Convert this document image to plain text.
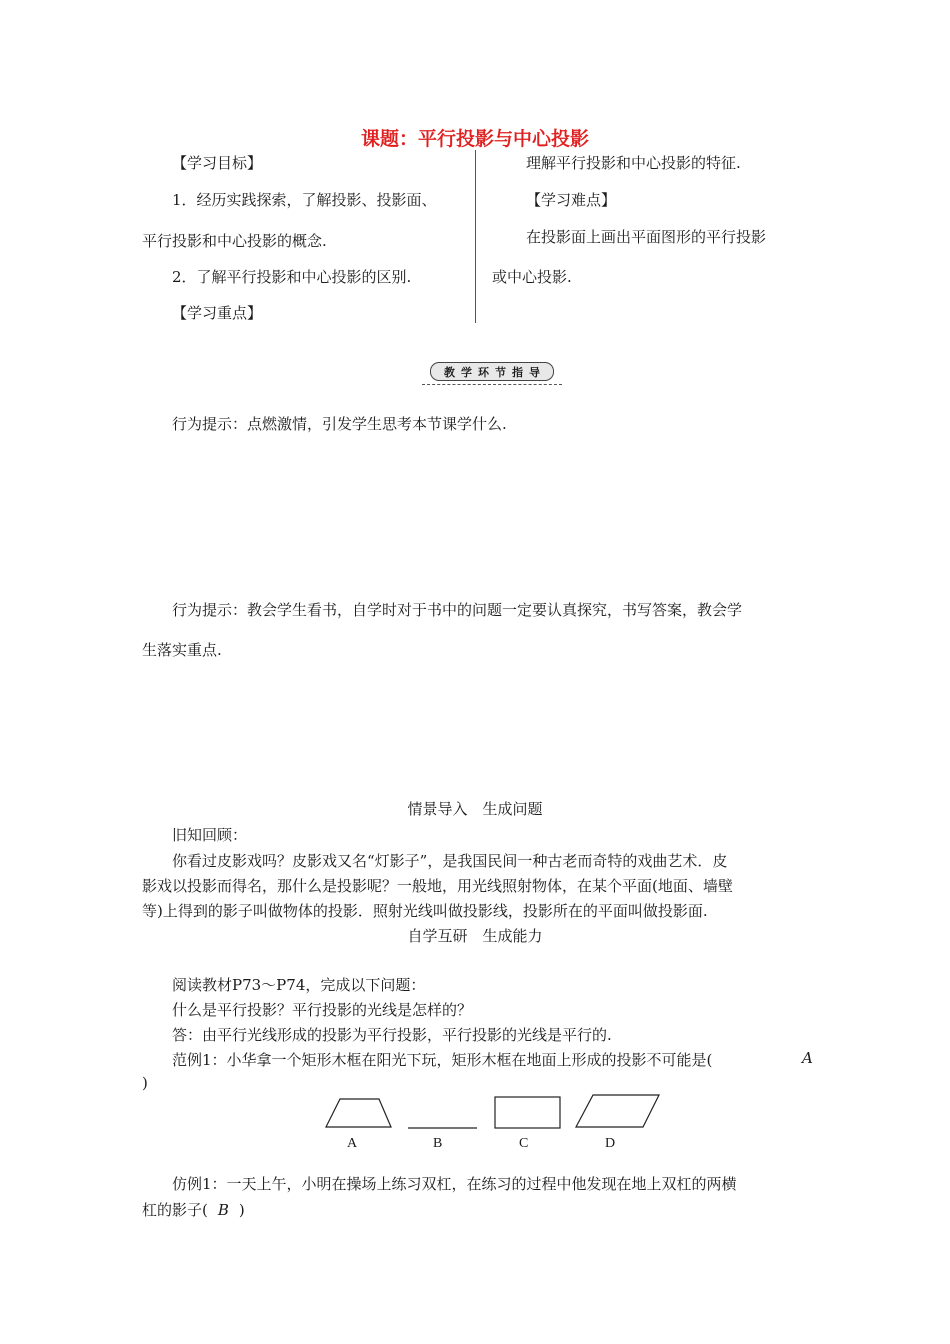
课题：平行投影与中心投影
【学习目标】
1．经历实践探索，了解投影、投影面、
平行投影和中心投影的概念.
2．了解平行投影和中心投影的区别.
【学习重点】
理解平行投影和中心投影的特征.
【学习难点】
在投影面上画出平面图形的平行投影
或中心投影.
教学环节指导
行为提示：点燃激情，引发学生思考本节课学什么.
行为提示：教会学生看书，自学时对于书中的问题一定要认真探究，书写答案，教会学
生落实重点.
情景导入　生成问题
旧知回顾：
你看过皮影戏吗？皮影戏又名“灯影子”，是我国民间一种古老而奇特的戏曲艺术．皮
影戏以投影而得名，那什么是投影呢？一般地，用光线照射物体，在某个平面(地面、墙壁
等)上得到的影子叫做物体的投影．照射光线叫做投影线，投影所在的平面叫做投影面.
自学互研　生成能力
阅读教材P73～P74，完成以下问题：
什么是平行投影？平行投影的光线是怎样的？
答：由平行光线形成的投影为平行投影，平行投影的光线是平行的.
范例1：小华拿一个矩形木框在阳光下玩，矩形木框在地面上形成的投影不可能是(	A
)
A	B	C	D
仿例1：一天上午，小明在操场上练习双杠，在练习的过程中他发现在地上双杠的两横
杠的影子( B )
